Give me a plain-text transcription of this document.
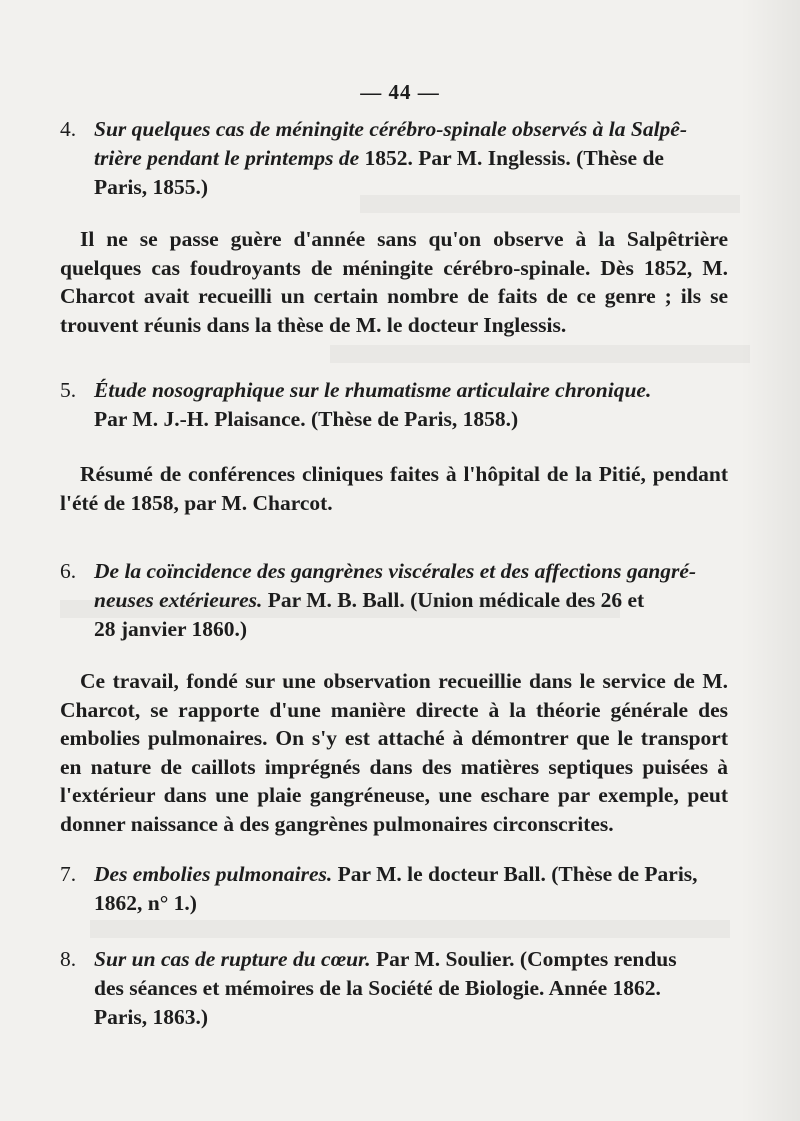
— 44 —
4. Sur quelques cas de méningite cérébro-spinale observés à la Salpê-
trière pendant le printemps de 1852. Par M. Inglessis. (Thèse de
Paris, 1855.)
Il ne se passe guère d'année sans qu'on observe à la Salpêtrière quelques cas foudroyants de méningite cérébro-spinale. Dès 1852, M. Charcot avait recueilli un certain nombre de faits de ce genre ; ils se trouvent réunis dans la thèse de M. le docteur Inglessis.
5. Étude nosographique sur le rhumatisme articulaire chronique.
Par M. J.-H. Plaisance. (Thèse de Paris, 1858.)
Résumé de conférences cliniques faites à l'hôpital de la Pitié, pendant l'été de 1858, par M. Charcot.
6. De la coïncidence des gangrènes viscérales et des affections gangré-
neuses extérieures. Par M. B. Ball. (Union médicale des 26 et
28 janvier 1860.)
Ce travail, fondé sur une observation recueillie dans le service de M. Charcot, se rapporte d'une manière directe à la théorie générale des embolies pulmonaires. On s'y est attaché à démontrer que le transport en nature de caillots imprégnés dans des matières septiques puisées à l'extérieur dans une plaie gangréneuse, une eschare par exemple, peut donner naissance à des gangrènes pulmonaires circonscrites.
7. Des embolies pulmonaires. Par M. le docteur Ball. (Thèse de Paris,
1862, n° 1.)
8. Sur un cas de rupture du cœur. Par M. Soulier. (Comptes rendus
des séances et mémoires de la Société de Biologie. Année 1862.
Paris, 1863.)
